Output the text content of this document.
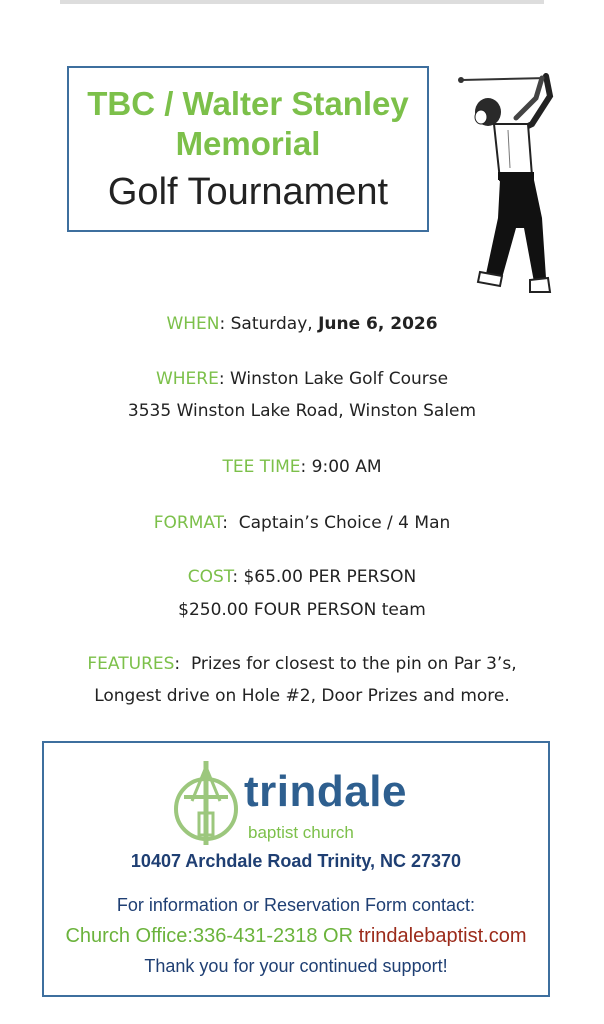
TBC / Walter Stanley
Memorial
Golf Tournament
WHEN: Saturday, June 6, 2026
WHERE: Winston Lake Golf Course
3535 Winston Lake Road, Winston Salem
TEE TIME: 9:00 AM
FORMAT:  Captain’s Choice / 4 Man
COST: $65.00 PER PERSON
$250.00 FOUR PERSON team
FEATURES:  Prizes for closest to the pin on Par 3’s,
Longest drive on Hole #2, Door Prizes and more.
trindale
baptist church
10407 Archdale Road Trinity, NC 27370
For information or Reservation Form contact:
Church Office:336-431-2318 OR trindalebaptist.com
Thank you for your continued support!
